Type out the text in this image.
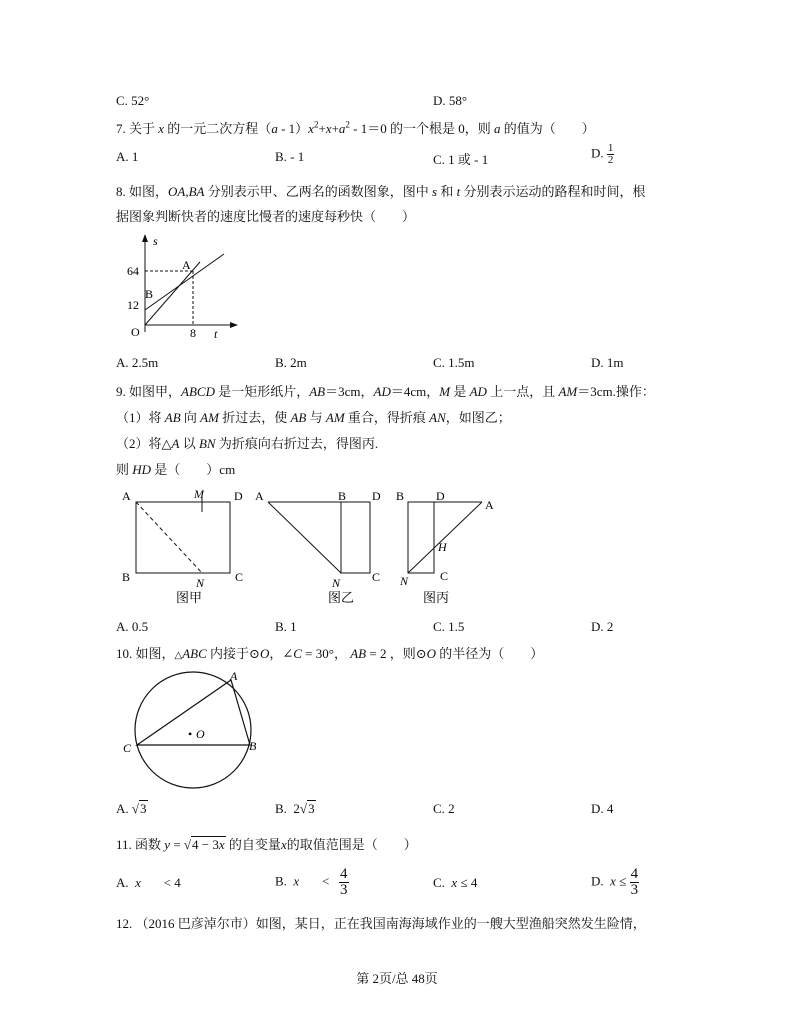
C. 52°	D. 58°
7. 关于 x 的一元二次方程$(a - 1)x^2+x+a^2 - 1=0$ 的一个根是 0，则 a 的值为（　　）
A. 1	B. - 1	C. 1 或 - 1	D. $\frac{1}{2}$
8. 如图，OA,BA 分别表示甲、乙两名的函数图象，图中 s 和 t 分别表示运动的路程和时间，根
据图象判断快者的速度比慢者的速度每秒快（　　）
s
t
64
12
8
O
A
B
A. 2.5m	B. 2m	C. 1.5m	D. 1m
9. 如图甲，ABCD 是一矩形纸片，AB＝3cm，AD＝4cm，M 是 AD 上一点，且 AM＝3cm.操作：
（1）将 AB 向 AM 折过去，使 AB 与 AM 重合，得折痕 AN，如图乙；
（2）将△A 以 BN 为折痕向右折过去，得图丙.
则 HD 是（　　）cm
A	M	D
B	N	C
图甲
A	B D
N	C
图乙
B	D
A
H
N	C
图丙
A. 0.5	B. 1	C. 1.5	D. 2
10. 如图，△ABC 内接于⊙O，∠C = 30°， AB = 2 ，则⊙O 的半径为（　　）
A
B
C
• O
A. √3	B. 2√3	C. 2	D. 4
11. 函数 y = √4 − 3x 的自变量x的取值范围是（　　）
A. x < 4	B. $x < \frac{4}{3}$	C. x ≤ 4	D. $x \le \frac{4}{3}$
12. （2016 巴彦淖尔市）如图，某日，正在我国南海海域作业的一艘大型渔船突然发生险情，
第 2页/总 48页
